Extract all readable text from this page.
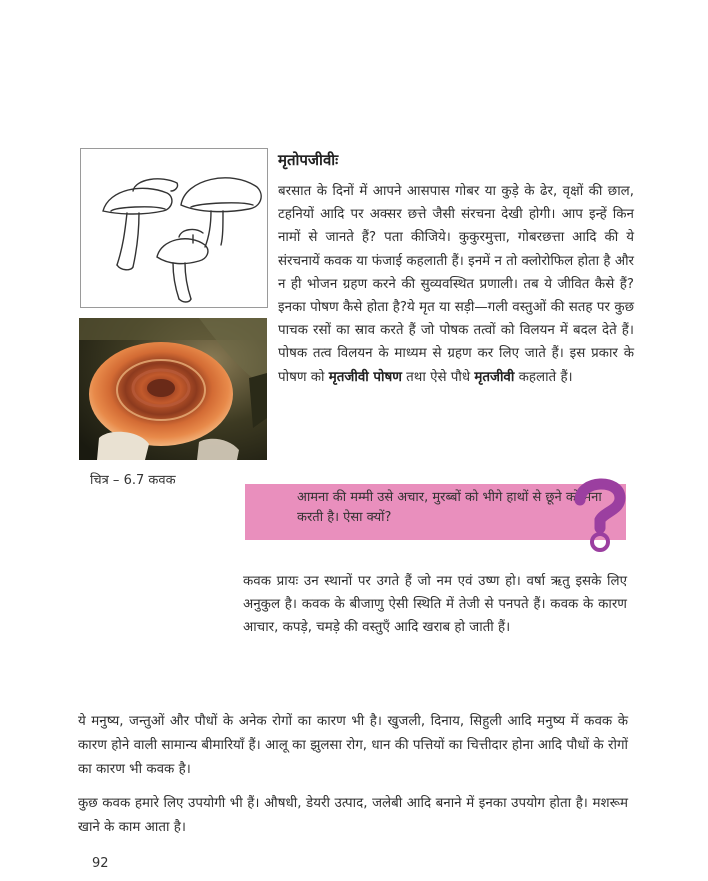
चित्र – 6.7 कवक
मृतोपजीवीः
बरसात के दिनों में आपने आसपास गोबर या कुड़े के ढेर, वृक्षों की छाल, टहनियों आदि पर अक्सर छत्ते जैसी संरचना देखी होगी। आप इन्हें किन नामों से जानते हैं? पता कीजिये। कुकुरमुत्ता, गोबरछत्ता आदि की ये संरचनायें कवक या फंजाई कहलाती हैं। इनमें न तो क्लोरोफिल होता है और न ही भोजन ग्रहण करने की सुव्यवस्थित प्रणाली। तब ये जीवित कैसे हैं? इनका पोषण कैसे होता है?ये मृत या सड़ी—गली वस्तुओं की सतह पर कुछ पाचक रसों का स्राव करते हैं जो पोषक तत्वों को विलयन में बदल देते हैं। पोषक तत्व विलयन के माध्यम से ग्रहण कर लिए जाते हैं। इस प्रकार के पोषण को मृतजीवी पोषण तथा ऐसे पौधे मृतजीवी कहलाते हैं।
आमना की मम्मी उसे अचार, मुरब्बों को भीगे हाथों से छूने को मना करती है। ऐसा क्यों?
कवक प्रायः उन स्थानों पर उगते हैं जो नम एवं उष्ण हो। वर्षा ऋतु इसके लिए अनुकुल है। कवक के बीजाणु ऐसी स्थिति में तेजी से पनपते हैं। कवक के कारण आचार, कपड़े, चमड़े की वस्तुएँ आदि खराब हो जाती हैं।
ये मनुष्य, जन्तुओं और पौधों के अनेक रोगों का कारण भी है। खुजली, दिनाय, सिहुली आदि मनुष्य में कवक के कारण होने वाली सामान्य बीमारियाँ हैं। आलू का झुलसा रोग, धान की पत्तियों का चित्तीदार होना आदि पौधों के रोगों का कारण भी कवक है।
कुछ कवक हमारे लिए उपयोगी भी हैं। औषधी, डेयरी उत्पाद, जलेबी आदि बनाने में इनका उपयोग होता है। मशरूम खाने के काम आता है।
92
